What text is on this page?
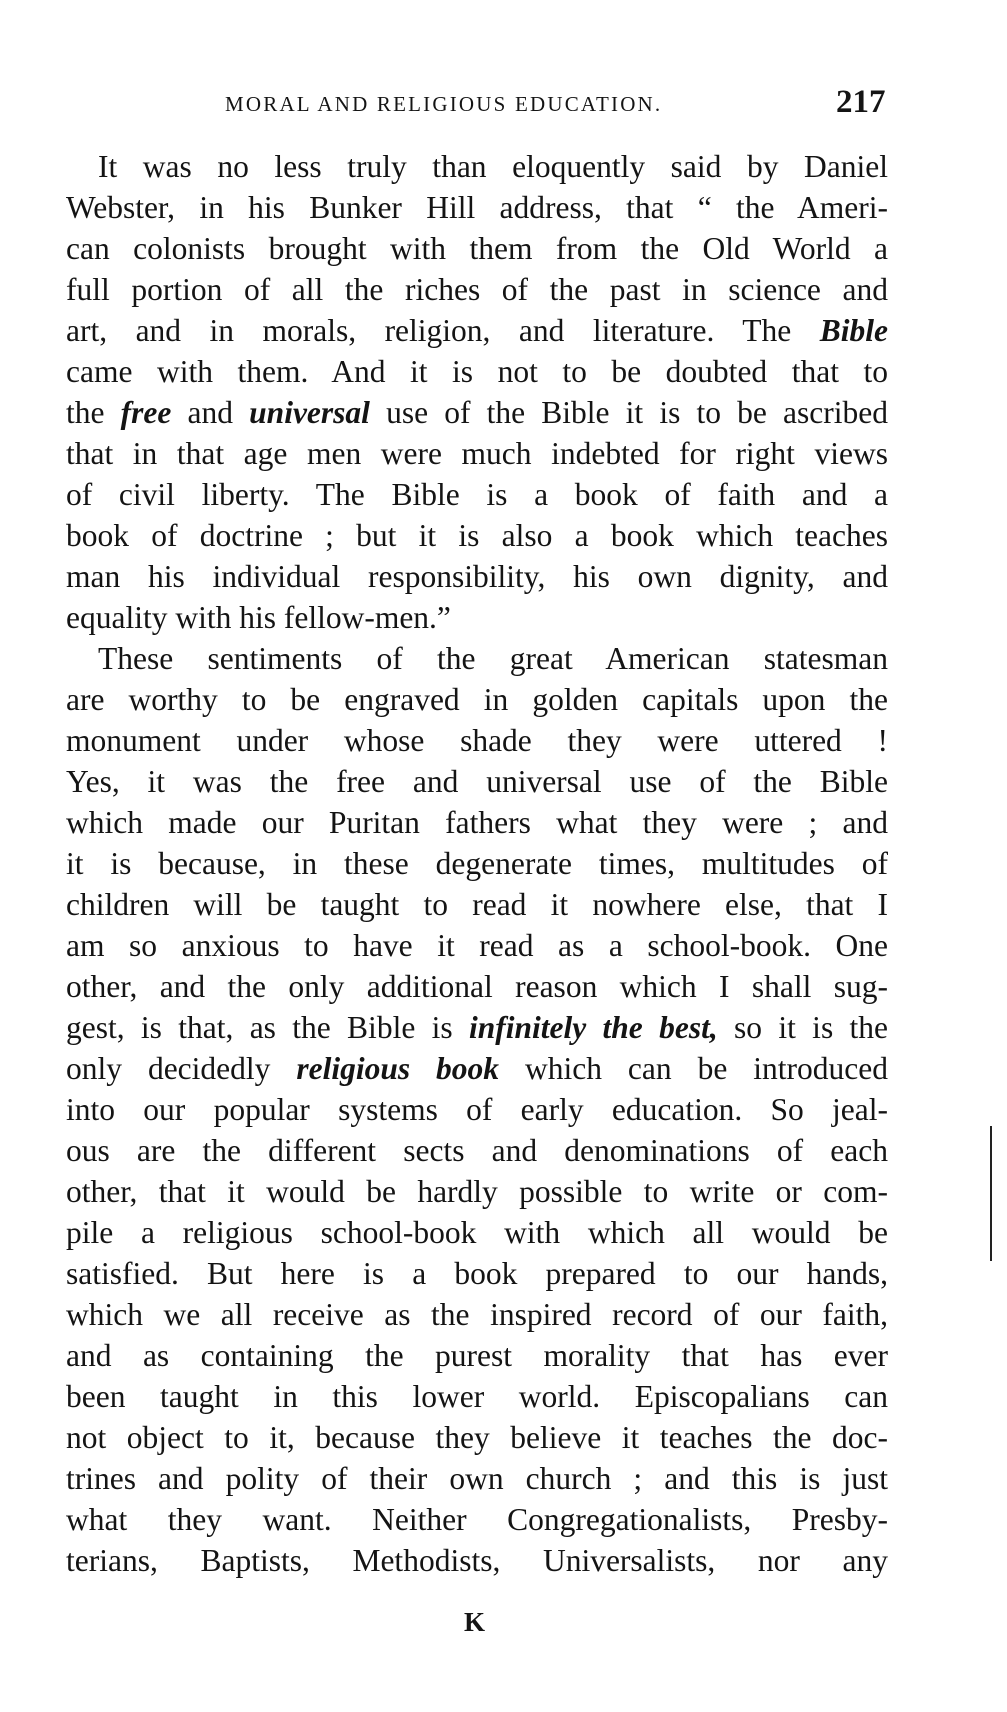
MORAL AND RELIGIOUS EDUCATION.	217
It was no less truly than eloquently said by Daniel
Webster, in his Bunker Hill address, that “ the Ameri-
can colonists brought with them from the Old World a
full portion of all the riches of the past in science and
art, and in morals, religion, and literature. The Bible
came with them. And it is not to be doubted that to
the free and universal use of the Bible it is to be ascribed
that in that age men were much indebted for right views
of civil liberty. The Bible is a book of faith and a
book of doctrine ; but it is also a book which teaches
man his individual responsibility, his own dignity, and
equality with his fellow-men.”
These sentiments of the great American statesman
are worthy to be engraved in golden capitals upon the
monument under whose shade they were uttered !
Yes, it was the free and universal use of the Bible
which made our Puritan fathers what they were ; and
it is because, in these degenerate times, multitudes of
children will be taught to read it nowhere else, that I
am so anxious to have it read as a school-book. One
other, and the only additional reason which I shall sug-
gest, is that, as the Bible is infinitely the best, so it is the
only decidedly religious book which can be introduced
into our popular systems of early education. So jeal-
ous are the different sects and denominations of each
other, that it would be hardly possible to write or com-
pile a religious school-book with which all would be
satisfied. But here is a book prepared to our hands,
which we all receive as the inspired record of our faith,
and as containing the purest morality that has ever
been taught in this lower world. Episcopalians can
not object to it, because they believe it teaches the doc-
trines and polity of their own church ; and this is just
what they want. Neither Congregationalists, Presby-
terians, Baptists, Methodists, Universalists, nor any
K
